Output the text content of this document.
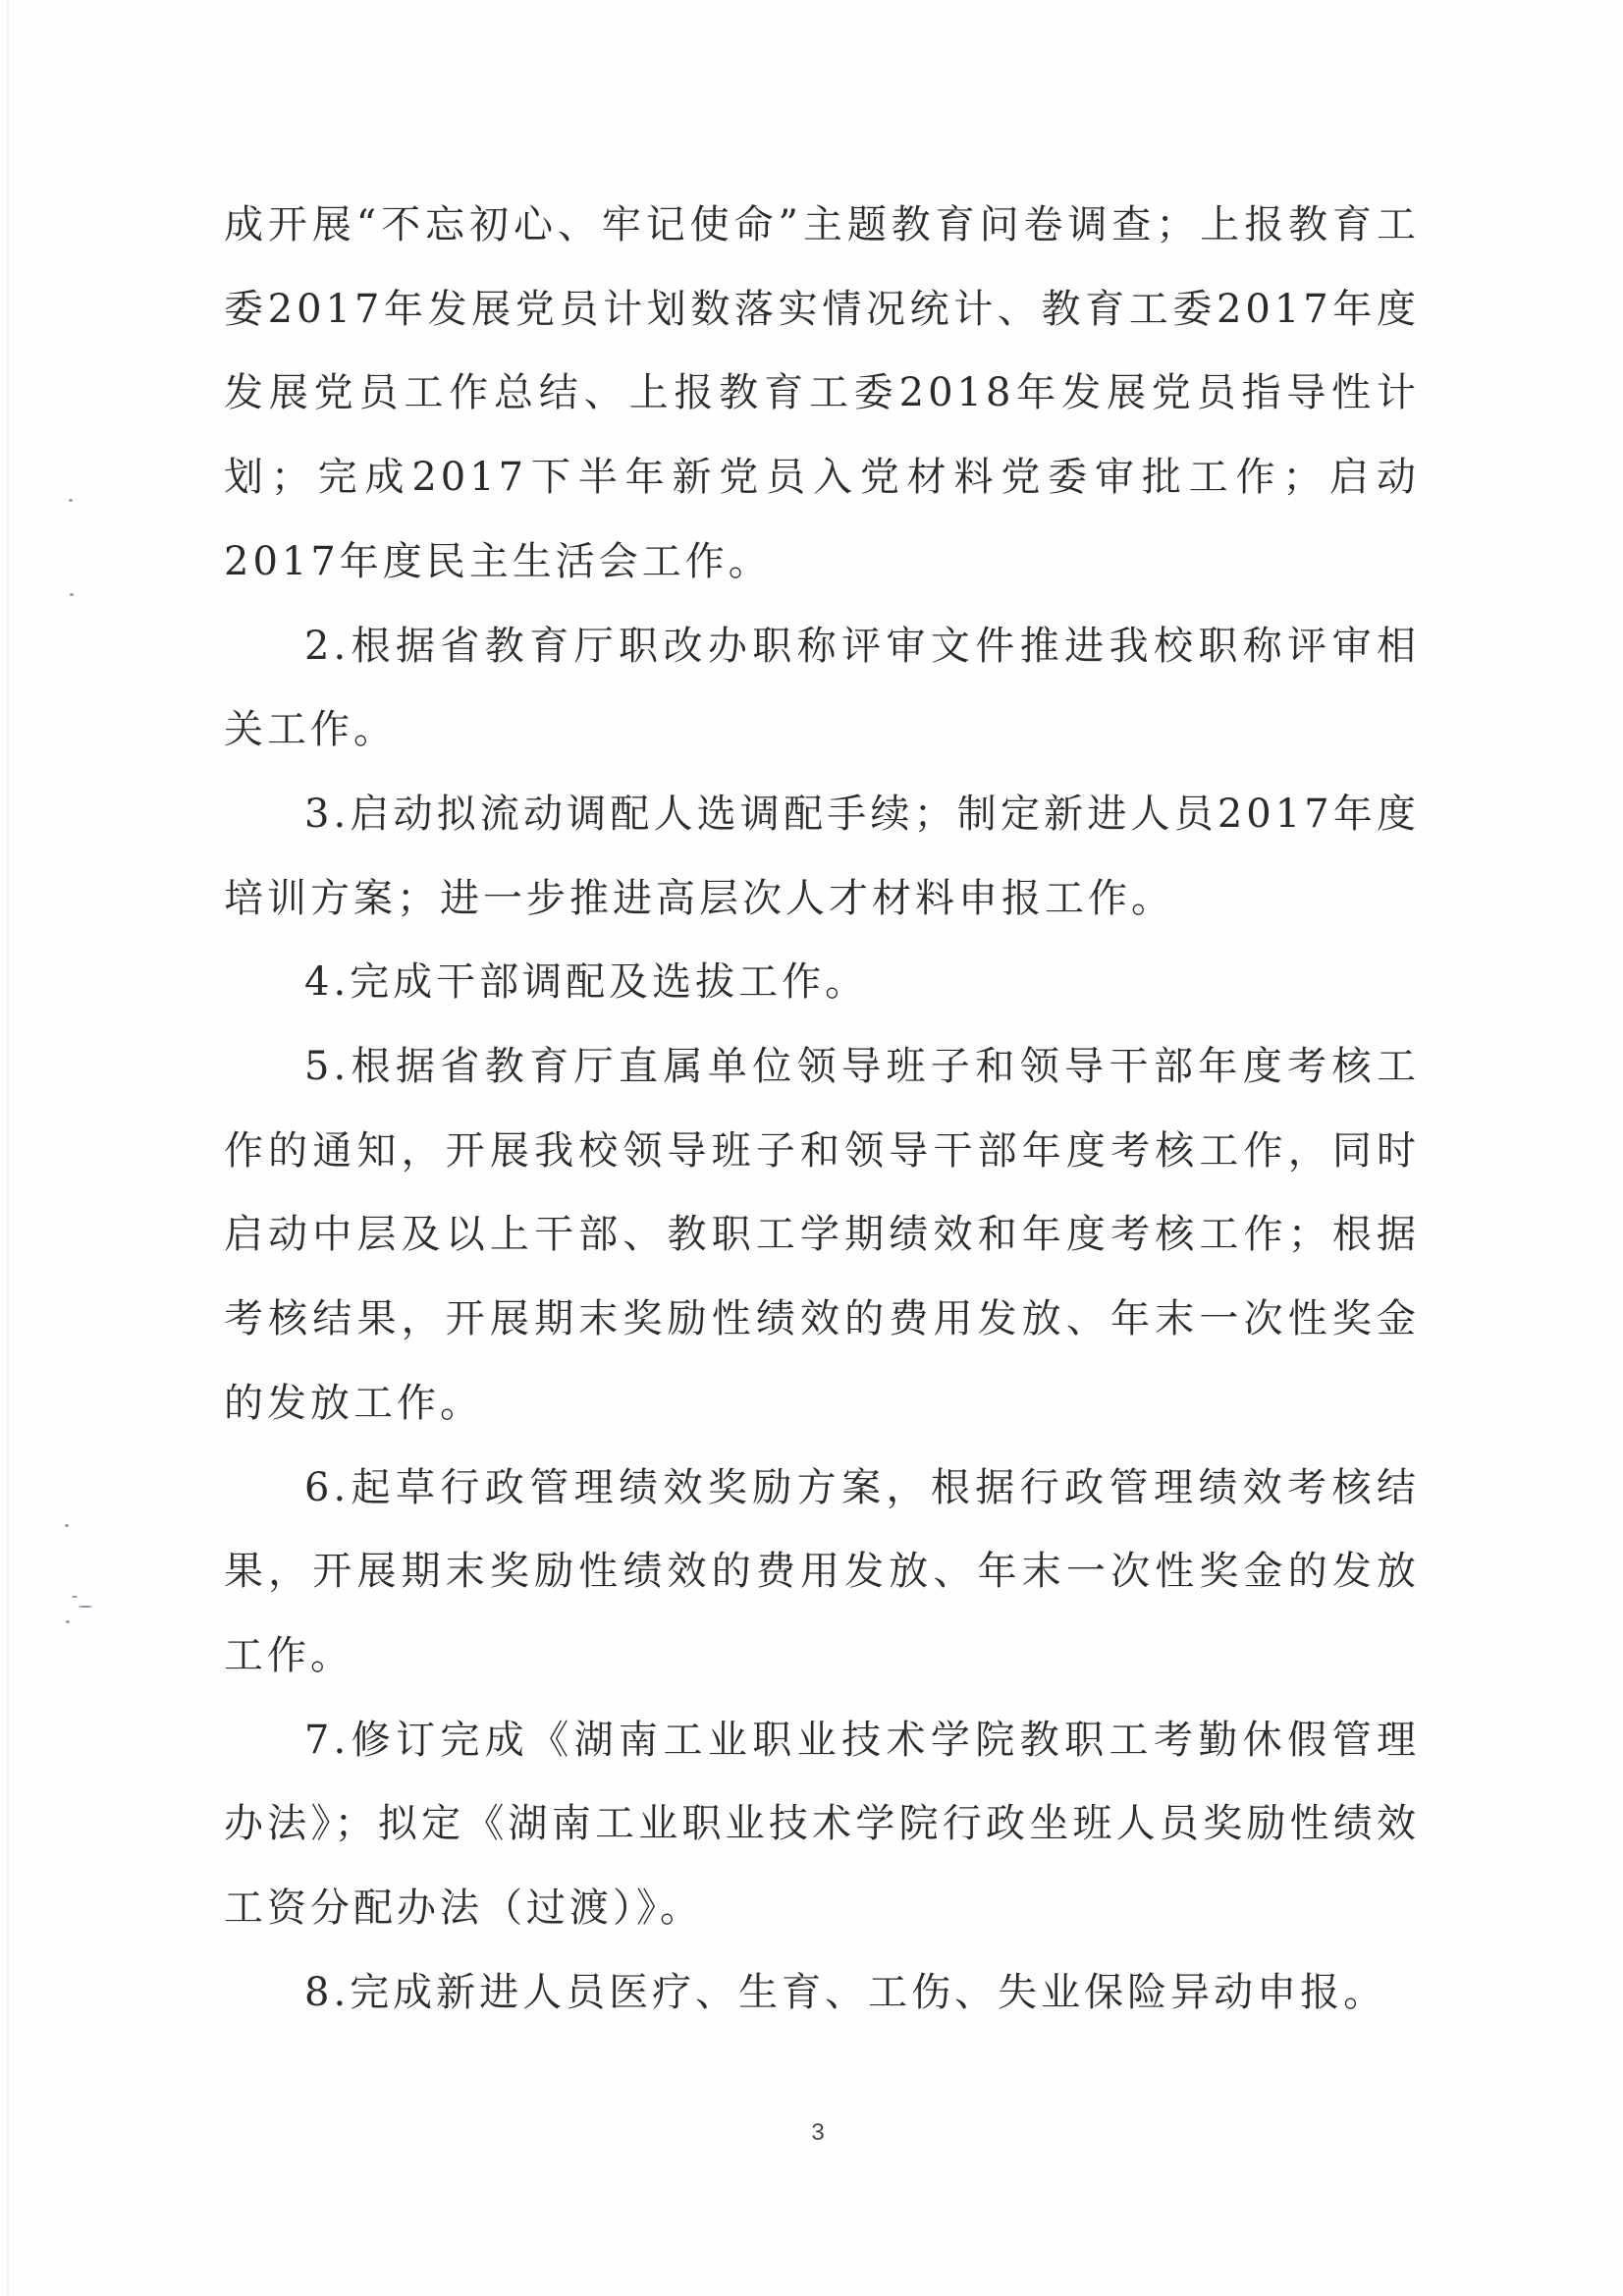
成开展“不忘初心、牢记使命”主题教育问卷调查；上报教育工委2017年发展党员计划数落实情况统计、教育工委2017年度发展党员工作总结、上报教育工委2018年发展党员指导性计划；完成2017下半年新党员入党材料党委审批工作；启动2017年度民主生活会工作。

2.根据省教育厅职改办职称评审文件推进我校职称评审相关工作。

3.启动拟流动调配人选调配手续；制定新进人员2017年度培训方案；进一步推进高层次人才材料申报工作。

4.完成干部调配及选拔工作。

5.根据省教育厅直属单位领导班子和领导干部年度考核工作的通知，开展我校领导班子和领导干部年度考核工作，同时启动中层及以上干部、教职工学期绩效和年度考核工作；根据考核结果，开展期末奖励性绩效的费用发放、年末一次性奖金的发放工作。

6.起草行政管理绩效奖励方案，根据行政管理绩效考核结果，开展期末奖励性绩效的费用发放、年末一次性奖金的发放工作。

7.修订完成《湖南工业职业技术学院教职工考勤休假管理办法》；拟定《湖南工业职业技术学院行政坐班人员奖励性绩效工资分配办法（过渡）》。

8.完成新进人员医疗、生育、工伤、失业保险异动申报。

3
